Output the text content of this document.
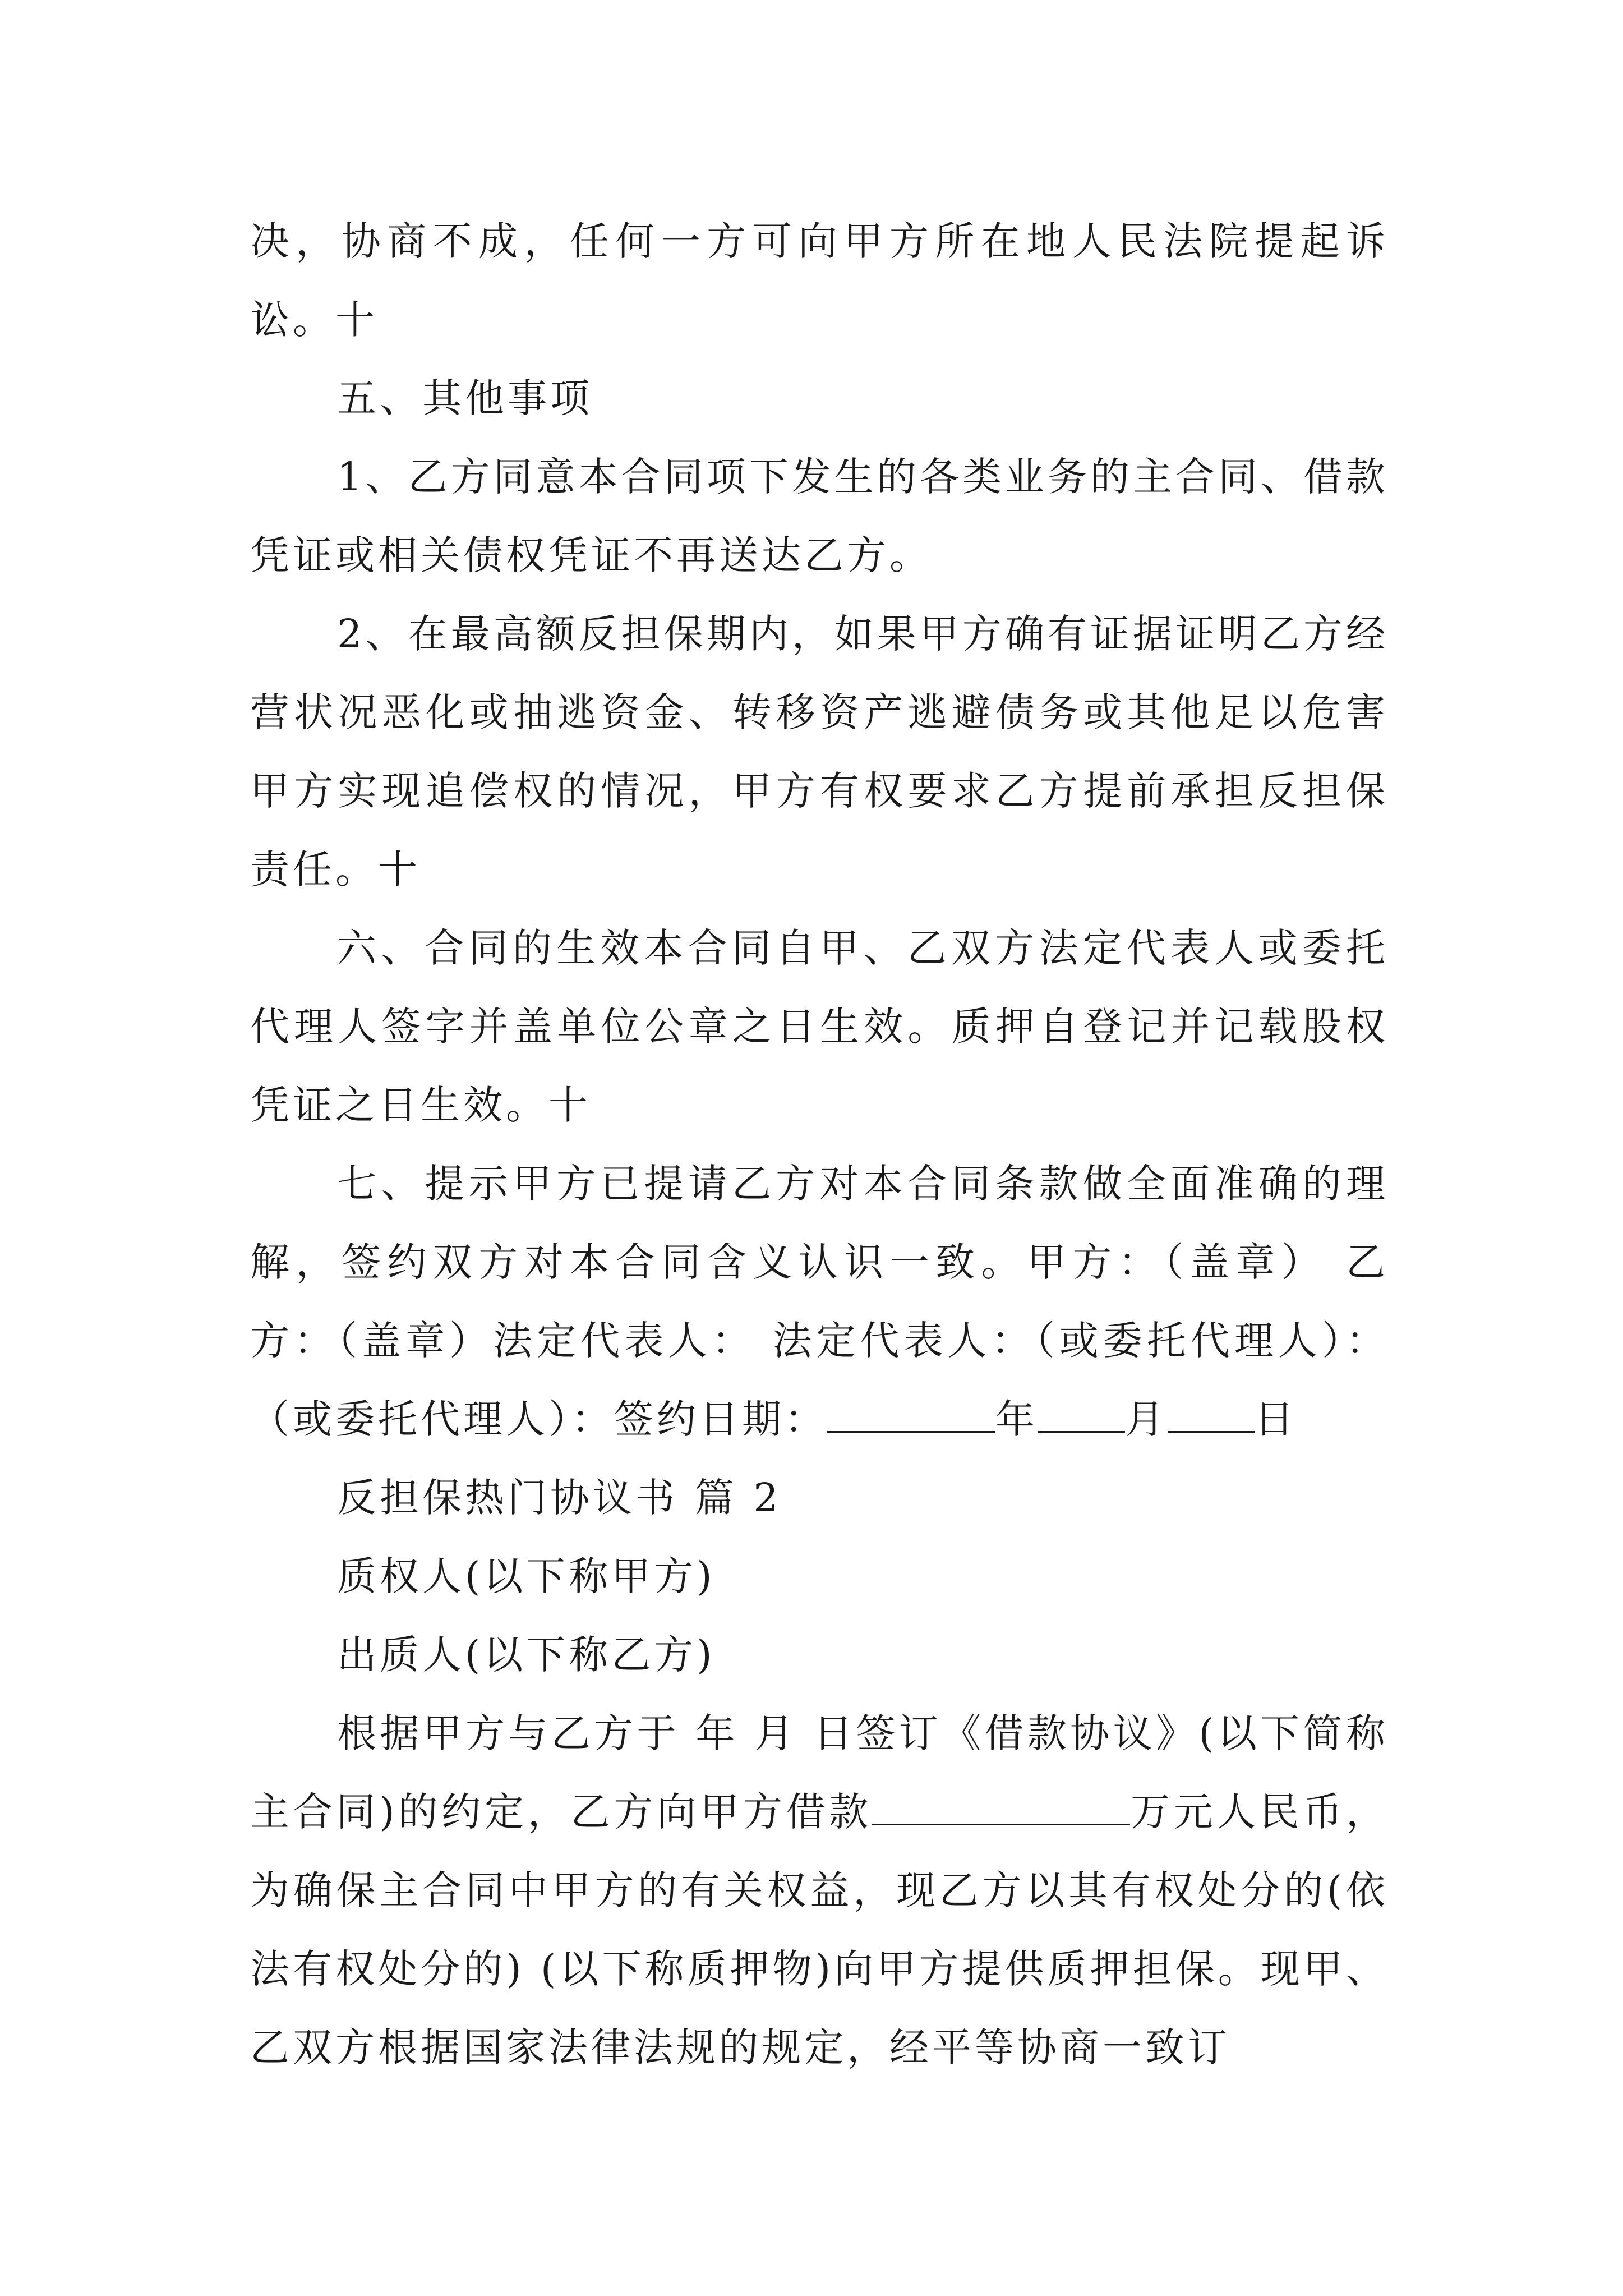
决，协商不成，任何一方可向甲方所在地人民法院提起诉讼。十

五、其他事项

1、乙方同意本合同项下发生的各类业务的主合同、借款凭证或相关债权凭证不再送达乙方。

2、在最高额反担保期内，如果甲方确有证据证明乙方经营状况恶化或抽逃资金、转移资产逃避债务或其他足以危害甲方实现追偿权的情况，甲方有权要求乙方提前承担反担保责任。十

六、合同的生效本合同自甲、乙双方法定代表人或委托代理人签字并盖单位公章之日生效。质押自登记并记载股权凭证之日生效。十

七、提示甲方已提请乙方对本合同条款做全面准确的理解，签约双方对本合同含义认识一致。甲方：（盖章） 乙方：（盖章）法定代表人： 法定代表人：（或委托代理人）：（或委托代理人）：签约日期：	年 月 日

反担保热门协议书 篇 2

质权人(以下称甲方)

出质人(以下称乙方)

根据甲方与乙方于 年 月 日签订《借款协议》(以下简称主合同)的约定，乙方向甲方借款	万元人民币，为确保主合同中甲方的有关权益，现乙方以其有权处分的(依法有权处分的) (以下称质押物)向甲方提供质押担保。现甲、乙双方根据国家法律法规的规定，经平等协商一致订
